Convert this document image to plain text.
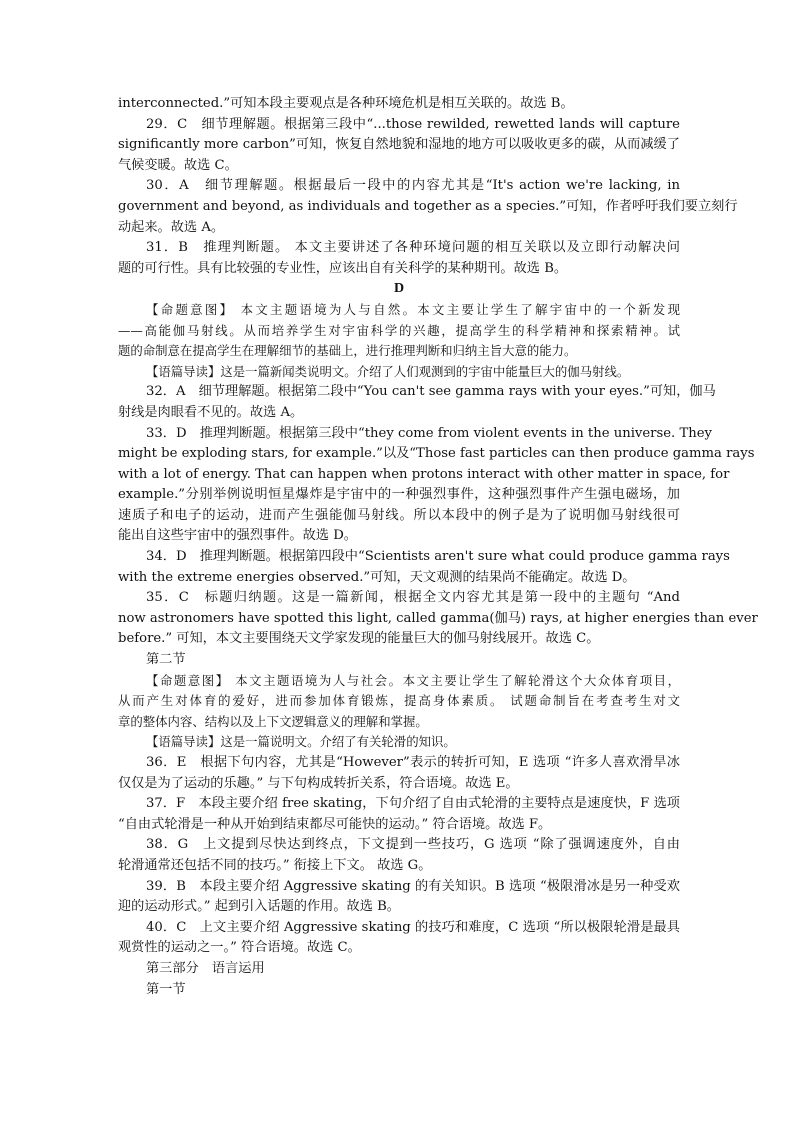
interconnected.”可知本段主要观点是各种环境危机是相互关联的。故选 B。
29．C　细节理解题。根据第三段中“...those rewilded, rewetted lands will capture
significantly more carbon”可知，恢复自然地貌和湿地的地方可以吸收更多的碳，从而减缓了
气候变暖。故选 C。
30．A　细节理解题。根据最后一段中的内容尤其是“It's action we're lacking, in
government and beyond, as individuals and together as a species.”可知，作者呼吁我们要立刻行
动起来。故选 A。
31．B　推理判断题。 本文主要讲述了各种环境问题的相互关联以及立即行动解决问
题的可行性。具有比较强的专业性，应该出自有关科学的某种期刊。故选 B。
D
【命题意图】 本文主题语境为人与自然。本文主要让学生了解宇宙中的一个新发现
——高能伽马射线。从而培养学生对宇宙科学的兴趣，提高学生的科学精神和探索精神。试
题的命制意在提高学生在理解细节的基础上，进行推理判断和归纳主旨大意的能力。
【语篇导读】这是一篇新闻类说明文。介绍了人们观测到的宇宙中能量巨大的伽马射线。
32．A　细节理解题。根据第二段中“You can't see gamma rays with your eyes.”可知，伽马
射线是肉眼看不见的。故选 A。
33．D　推理判断题。根据第三段中“they come from violent events in the universe. They
might be exploding stars, for example.”以及“Those fast particles can then produce gamma rays
with a lot of energy. That can happen when protons interact with other matter in space, for
example.”分别举例说明恒星爆炸是宇宙中的一种强烈事件，这种强烈事件产生强电磁场，加
速质子和电子的运动，进而产生强能伽马射线。所以本段中的例子是为了说明伽马射线很可
能出自这些宇宙中的强烈事件。故选 D。
34．D　推理判断题。根据第四段中“Scientists aren't sure what could produce gamma rays
with the extreme energies observed.”可知，天文观测的结果尚不能确定。故选 D。
35．C　标题归纳题。这是一篇新闻，根据全文内容尤其是第一段中的主题句 “And
now astronomers have spotted this light, called gamma(伽马) rays, at higher energies than ever
before.” 可知，本文主要围绕天文学家发现的能量巨大的伽马射线展开。故选 C。
第二节
【命题意图】 本文主题语境为人与社会。本文主要让学生了解轮滑这个大众体育项目，
从而产生对体育的爱好，进而参加体育锻炼，提高身体素质。 试题命制旨在考查考生对文
章的整体内容、结构以及上下文逻辑意义的理解和掌握。
【语篇导读】这是一篇说明文。介绍了有关轮滑的知识。
36．E　根据下句内容，尤其是“However”表示的转折可知，E 选项 “许多人喜欢滑旱冰
仅仅是为了运动的乐趣。” 与下句构成转折关系，符合语境。故选 E。
37．F　本段主要介绍 free skating，下句介绍了自由式轮滑的主要特点是速度快，F 选项
“自由式轮滑是一种从开始到结束都尽可能快的运动。” 符合语境。故选 F。
38．G　上文提到尽快达到终点，下文提到一些技巧，G 选项 “除了强调速度外，自由
轮滑通常还包括不同的技巧。” 衔接上下文。 故选 G。
39．B　本段主要介绍 Aggressive skating 的有关知识。B 选项 “极限滑冰是另一种受欢
迎的运动形式。” 起到引入话题的作用。故选 B。
40．C　上文主要介绍 Aggressive skating 的技巧和难度，C 选项 “所以极限轮滑是最具
观赏性的运动之一。” 符合语境。故选 C。
第三部分　语言运用
第一节
